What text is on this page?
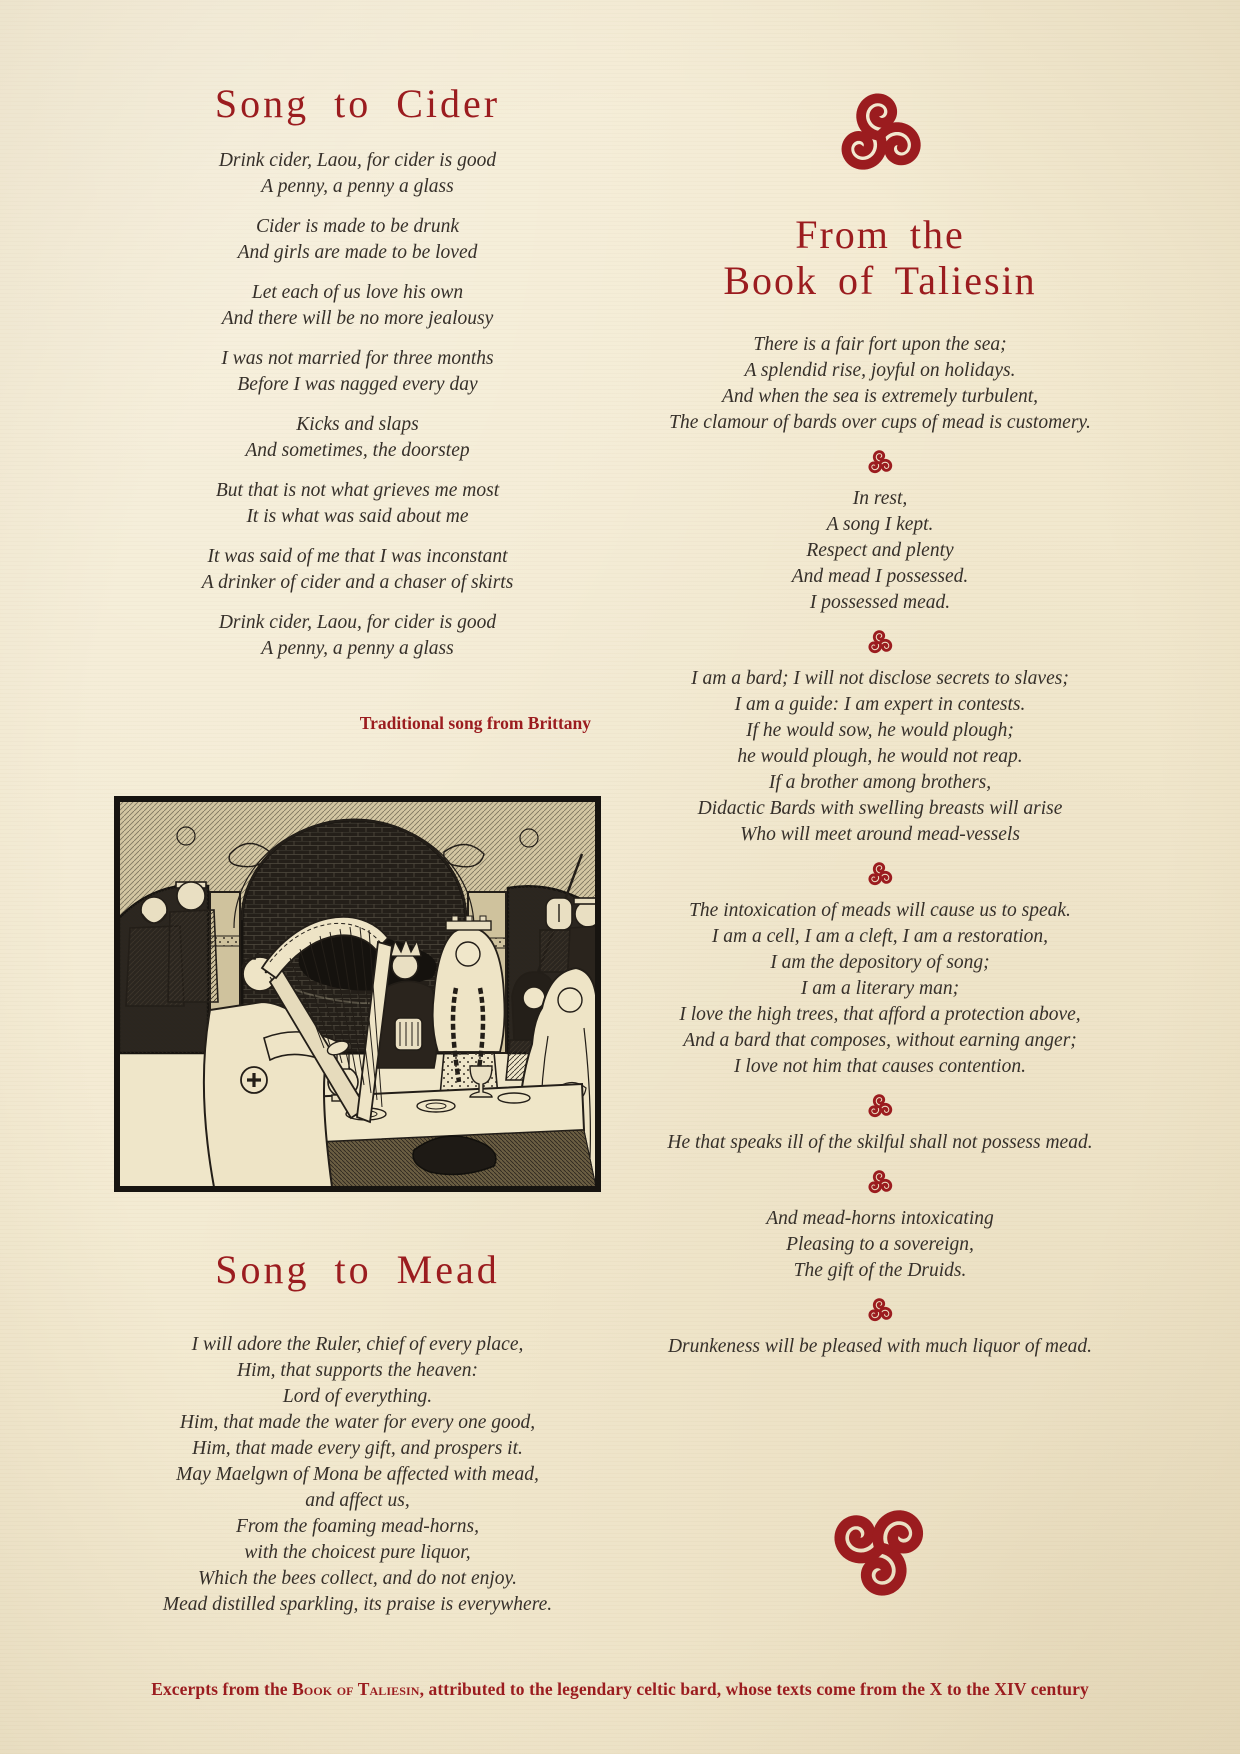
Song to Cider
Drink cider, Laou, for cider is good
A penny, a penny a glass
Cider is made to be drunk
And girls are made to be loved
Let each of us love his own
And there will be no more jealousy
I was not married for three months
Before I was nagged every day
Kicks and slaps
And sometimes, the doorstep
But that is not what grieves me most
It is what was said about me
It was said of me that I was inconstant
A drinker of cider and a chaser of skirts
Drink cider, Laou, for cider is good
A penny, a penny a glass
Traditional song from Brittany
Song to Mead
I will adore the Ruler, chief of every place,
Him, that supports the heaven:
Lord of everything.
Him, that made the water for every one good,
Him, that made every gift, and prospers it.
May Maelgwn of Mona be affected with mead,
and affect us,
From the foaming mead-horns,
with the choicest pure liquor,
Which the bees collect, and do not enjoy.
Mead distilled sparkling, its praise is everywhere.
From the
Book of Taliesin
There is a fair fort upon the sea;
A splendid rise, joyful on holidays.
And when the sea is extremely turbulent,
The clamour of bards over cups of mead is customery.
In rest,
A song I kept.
Respect and plenty
And mead I possessed.
I possessed mead.
I am a bard; I will not disclose secrets to slaves;
I am a guide: I am expert in contests.
If he would sow, he would plough;
he would plough, he would not reap.
If a brother among brothers,
Didactic Bards with swelling breasts will arise
Who will meet around mead-vessels
The intoxication of meads will cause us to speak.
I am a cell, I am a cleft, I am a restoration,
I am the depository of song;
I am a literary man;
I love the high trees, that afford a protection above,
And a bard that composes, without earning anger;
I love not him that causes contention.
He that speaks ill of the skilful shall not possess mead.
And mead-horns intoxicating
Pleasing to a sovereign,
The gift of the Druids.
Drunkeness will be pleased with much liquor of mead.
Excerpts from the Book of Taliesin, attributed to the legendary celtic bard, whose texts come from the X to the XIV century
